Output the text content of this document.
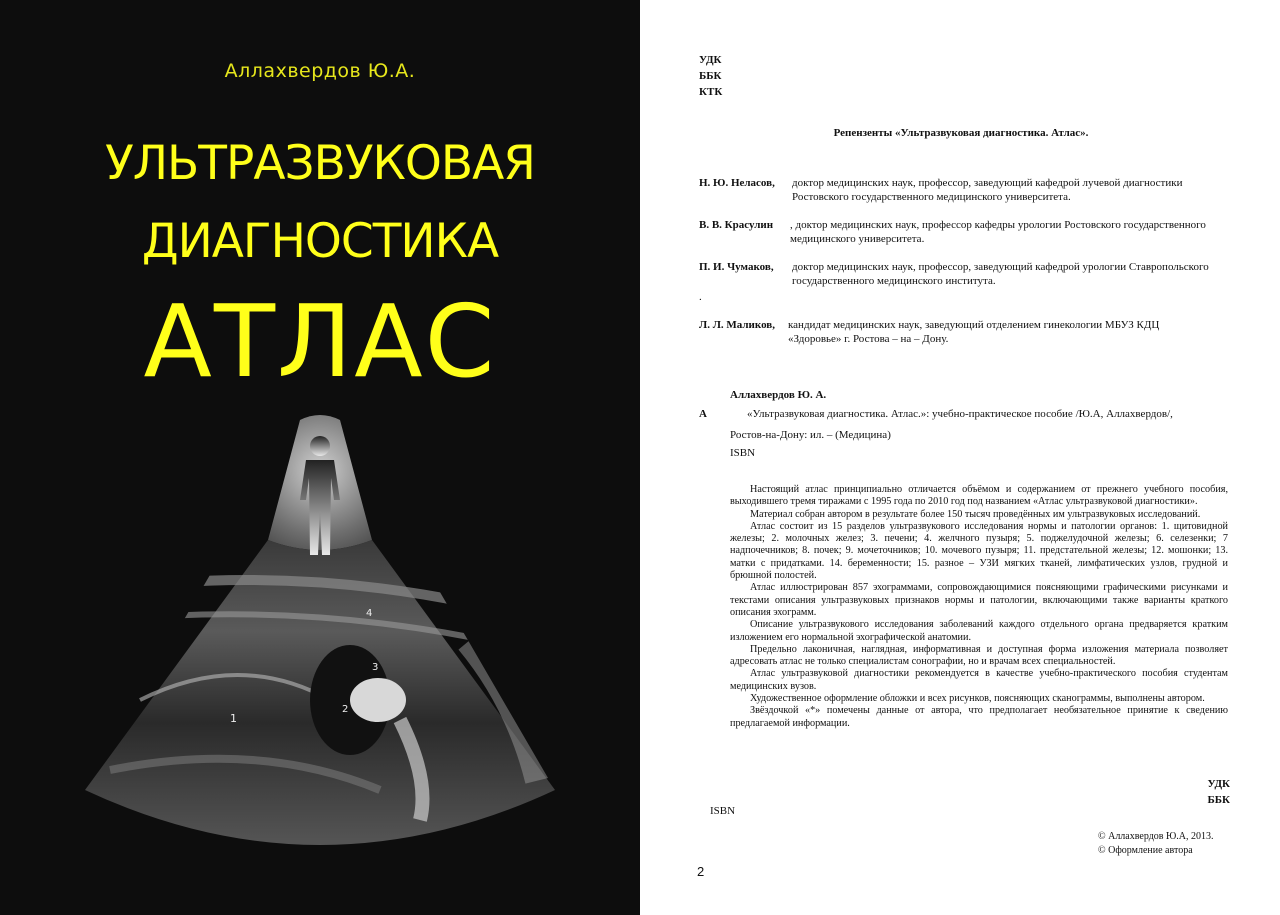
1
2
3
4
Аллахвердов Ю.А.
УЛЬТРАЗВУКОВАЯ
ДИАГНОСТИКА
АТЛАС
УДК
ББК
КТК
Репензенты «Ультразвуковая диагностика. Атлас».
Н. Ю. Неласов, доктор медицинских наук, профессор, заведующий кафедрой лучевой диагностики Ростовского государственного медицинского университета.
В. В. Красулин , доктор медицинских наук, профессор кафедры урологии Ростовского государственного медицинского университета.
П. И. Чумаков, доктор медицинских наук, профессор, заведующий кафедрой урологии Ставропольского государственного медицинского института.
.
Л. Л. Маликов, кандидат медицинских наук, заведующий отделением гинекологии МБУЗ КДЦ «Здоровье» г. Ростова – на – Дону.
Аллахвердов Ю. А.
А	«Ультразвуковая диагностика. Атлас.»: учебно-практическое пособие /Ю.А, Аллахвердов/,
Ростов-на-Дону: ил. – (Медицина)
ISBN

Настоящий атлас принципиально отличается объёмом и содержанием от прежнего учебного пособия, выходившего тремя тиражами с 1995 года по 2010 год под названием «Атлас ультразвуковой диагностики».

Материал собран автором в результате более 150 тысяч проведённых им ультразвуковых исследований.

Атлас состоит из 15 разделов ультразвукового исследования нормы и патологии органов: 1. щитовидной железы; 2. молочных желез; 3. печени; 4. желчного пузыря; 5. поджелудочной железы; 6. селезенки; 7 надпочечников; 8. почек; 9. мочеточников; 10. мочевого пузыря; 11. предстательной железы; 12. мошонки; 13. матки с придатками. 14. беременности; 15. разное – УЗИ мягких тканей, лимфатических узлов, грудной и брюшной полостей.

Атлас иллюстрирован 857 эхограммами, сопровождающимися поясняющими графическими рисунками и текстами описания ультразвуковых признаков нормы и патологии, включающими также варианты краткого описания эхограмм.

Описание ультразвукового исследования заболеваний каждого отдельного органа предваряется кратким изложением его нормальной эхографической анатомии.

Предельно лаконичная, наглядная, информативная и доступная форма изложения материала позволяет адресовать атлас не только специалистам сонографии, но и врачам всех специальностей.

Атлас ультразвуковой диагностики рекомендуется в качестве учебно-практического пособия студентам медицинских вузов.

Художественное оформление обложки и всех рисунков, поясняющих сканограммы, выполнены автором.

Звёздочкой «*» помечены данные от автора, что предполагает необязательное принятие к сведению предлагаемой информации.

УДК
ББК
ISBN
© Аллахвердов Ю.А, 2013.
© Оформление автора
2
